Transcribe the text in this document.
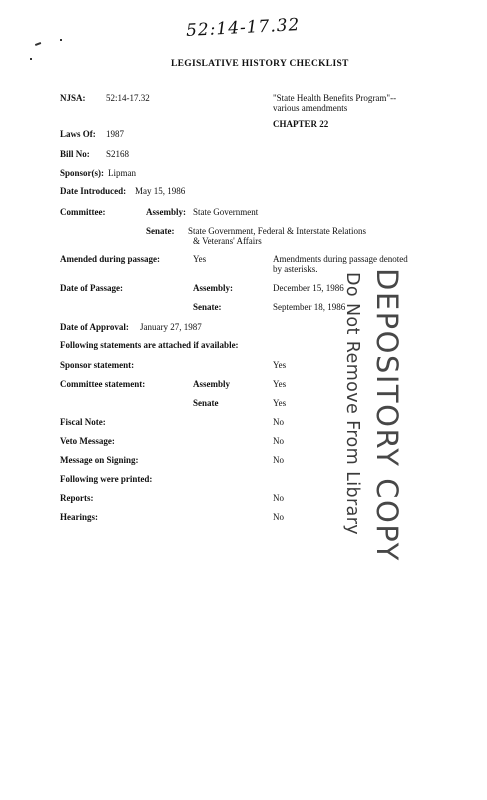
52:14-17.32
LEGISLATIVE HISTORY CHECKLIST
NJSA: 52:14-17.32	"State Health Benefits Program"--
various amendments
CHAPTER 22
Laws Of: 1987
Bill No: S2168
Sponsor(s): Lipman
Date Introduced: May 15, 1986
Committee:	Assembly: State Government
Senate: State Government, Federal & Interstate Relations
& Veterans' Affairs
Amended during passage:	Yes	Amendments during passage denoted
by asterisks.
Date of Passage:	Assembly:	December 15, 1986
Senate:	September 18, 1986
Date of Approval: January 27, 1987
Following statements are attached if available:
Sponsor statement:	Yes
Committee statement:	Assembly	Yes
Senate	Yes
Fiscal Note:	No
Veto Message:	No
Message on Signing:	No
Following were printed:
Reports:	No
Hearings:	No	DEPOSITORY COPY
Do Not Remove From Library
